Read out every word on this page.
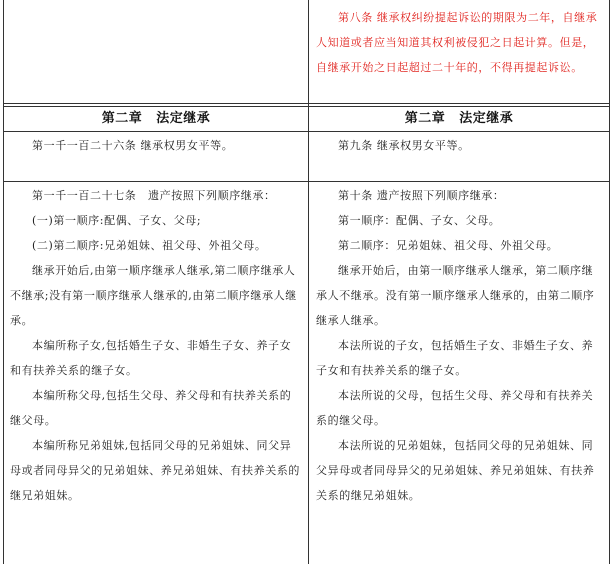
第八条 继承权纠纷提起诉讼的期限为二年，自继承人知道或者应当知道其权利被侵犯之日起计算。但是，自继承开始之日起超过二十年的，不得再提起诉讼。

第二章 法定继承	第二章 法定继承

第一千一百二十六条 继承权男女平等。	第九条 继承权男女平等。

第一千一百二十七条　遗产按照下列顺序继承：

(一)第一顺序:配偶、子女、父母;

(二)第二顺序:兄弟姐妹、祖父母、外祖父母。

继承开始后,由第一顺序继承人继承,第二顺序继承人不继承;没有第一顺序继承人继承的,由第二顺序继承人继承。

本编所称子女,包括婚生子女、非婚生子女、养子女和有扶养关系的继子女。

本编所称父母,包括生父母、养父母和有扶养关系的继父母。

本编所称兄弟姐妹,包括同父母的兄弟姐妹、同父异母或者同母异父的兄弟姐妹、养兄弟姐妹、有扶养关系的继兄弟姐妹。

第十条 遗产按照下列顺序继承：

第一顺序：配偶、子女、父母。

第二顺序：兄弟姐妹、祖父母、外祖父母。

继承开始后，由第一顺序继承人继承，第二顺序继承人不继承。没有第一顺序继承人继承的，由第二顺序继承人继承。

本法所说的子女，包括婚生子女、非婚生子女、养子女和有扶养关系的继子女。

本法所说的父母，包括生父母、养父母和有扶养关系的继父母。

本法所说的兄弟姐妹，包括同父母的兄弟姐妹、同父异母或者同母异父的兄弟姐妹、养兄弟姐妹、有扶养关系的继兄弟姐妹。
